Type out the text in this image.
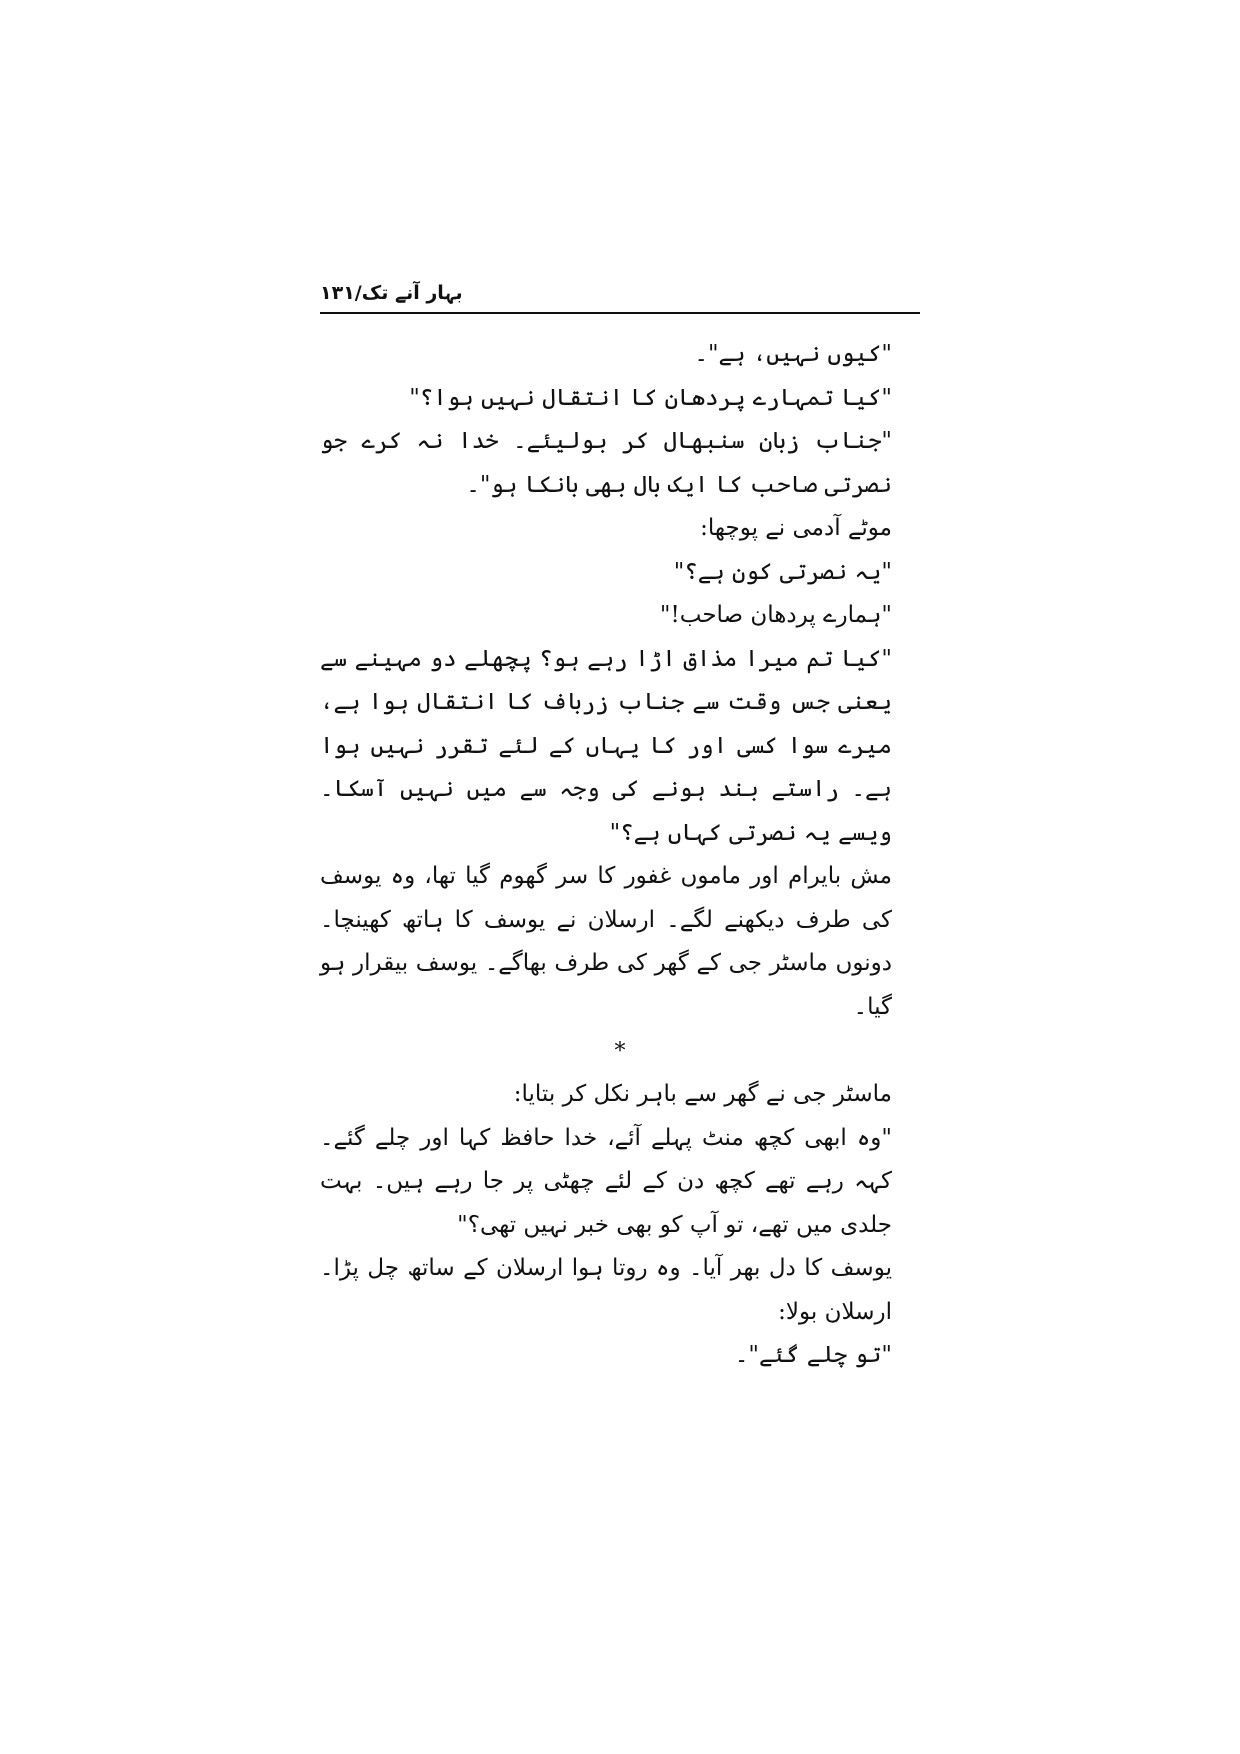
بہار آنے تک/۱۳۱

"کیوں نہیں، ہے"۔

"کیا تمہارے پردھان کا انتقال نہیں ہوا؟"

"جناب زبان سنبھال کر بولیئے۔ خدا نہ کرے جو نصرتی صاحب کا ایک بال بھی بانکا ہو"۔

موٹے آدمی نے پوچھا:

"یہ نصرتی کون ہے؟"

"ہمارے پردھان صاحب!"

"کیا تم میرا مذاق اڑا رہے ہو؟ پچھلے دو مہینے سے یعنی جس وقت سے جناب زرباف کا انتقال ہوا ہے، میرے سوا کسی اور کا یہاں کے لئے تقرر نہیں ہوا ہے۔ راستے بند ہونے کی وجہ سے میں نہیں آسکا۔ ویسے یہ نصرتی کہاں ہے؟"

مش بایرام اور ماموں غفور کا سر گھوم گیا تھا، وہ یوسف کی طرف دیکھنے لگے۔ ارسلان نے یوسف کا ہاتھ کھینچا۔ دونوں ماسٹر جی کے گھر کی طرف بھاگے۔ یوسف بیقرار ہو گیا۔

*

ماسٹر جی نے گھر سے باہر نکل کر بتایا:

"وہ ابھی کچھ منٹ پہلے آئے، خدا حافظ کہا اور چلے گئے۔ کہہ رہے تھے کچھ دن کے لئے چھٹی پر جا رہے ہیں۔ بہت جلدی میں تھے، تو آپ کو بھی خبر نہیں تھی؟"

یوسف کا دل بھر آیا۔ وہ روتا ہوا ارسلان کے ساتھ چل پڑا۔ ارسلان بولا:

"تو چلے گئے"۔
